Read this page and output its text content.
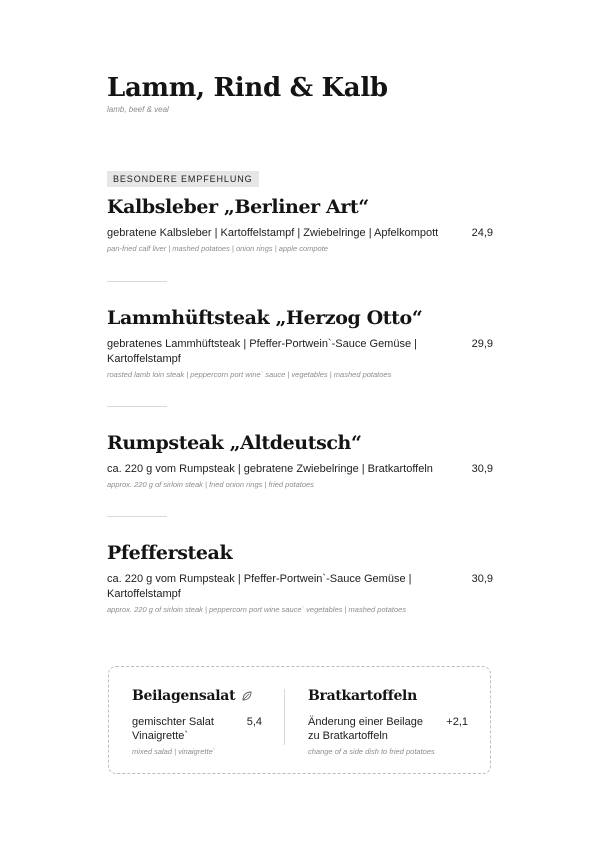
Lamm, Rind & Kalb
lamb, beef & veal
BESONDERE EMPFEHLUNG
Kalbsleber „Berliner Art“
gebratene Kalbsleber | Kartoffelstampf | Zwiebelringe | Apfelkompott	24,9
pan-fried calf liver | mashed potatoes | onion rings | apple compote
Lammhüftsteak „Herzog Otto“
gebratenes Lammhüftsteak | Pfeffer-Portwein`-Sauce Gemüse | Kartoffelstampf
29,9
roasted lamb loin steak | peppercorn port wine` sauce | vegetables | mashed potatoes
Rumpsteak „Altdeutsch“
ca. 220 g vom Rumpsteak | gebratene Zwiebelringe | Bratkartoffeln	30,9
approx. 220 g of sirloin steak | fried onion rings | fried potatoes
Pfeffersteak
ca. 220 g vom Rumpsteak | Pfeffer-Portwein`-Sauce Gemüse | Kartoffelstampf
30,9
approx. 220 g of sirloin steak | peppercorn port wine sauce` vegetables | mashed potatoes
Beilagensalat
gemischter Salat Vinaigrette`
5,4
mixed salad | vinaigrette`
Bratkartoffeln
Änderung einer Beilage zu Bratkartoffeln
+2,1
change of a side dish to fried potatoes
